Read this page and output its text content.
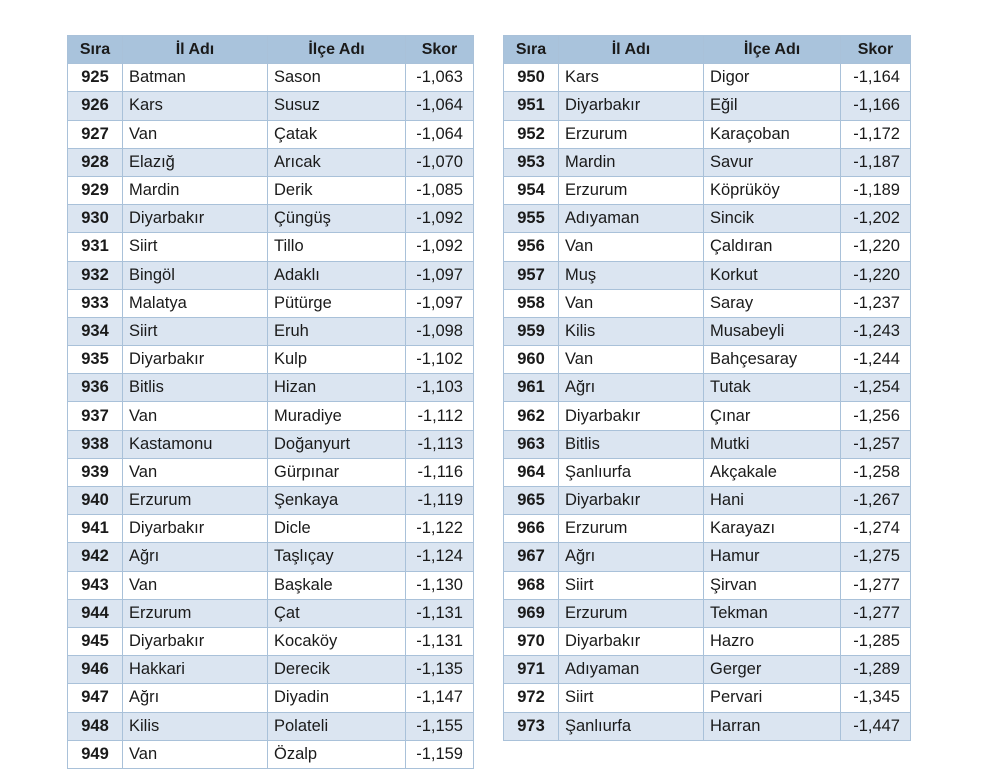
Sıra	İl Adı	İlçe Adı	Skor
925	Batman	Sason	-1,063
926	Kars	Susuz	-1,064
927	Van	Çatak	-1,064
928	Elazığ	Arıcak	-1,070
929	Mardin	Derik	-1,085
930	Diyarbakır	Çüngüş	-1,092
931	Siirt	Tillo	-1,092
932	Bingöl	Adaklı	-1,097
933	Malatya	Pütürge	-1,097
934	Siirt	Eruh	-1,098
935	Diyarbakır	Kulp	-1,102
936	Bitlis	Hizan	-1,103
937	Van	Muradiye	-1,112
938	Kastamonu	Doğanyurt	-1,113
939	Van	Gürpınar	-1,116
940	Erzurum	Şenkaya	-1,119
941	Diyarbakır	Dicle	-1,122
942	Ağrı	Taşlıçay	-1,124
943	Van	Başkale	-1,130
944	Erzurum	Çat	-1,131
945	Diyarbakır	Kocaköy	-1,131
946	Hakkari	Derecik	-1,135
947	Ağrı	Diyadin	-1,147
948	Kilis	Polateli	-1,155
949	Van	Özalp	-1,159
Sıra	İl Adı	İlçe Adı	Skor
950	Kars	Digor	-1,164
951	Diyarbakır	Eğil	-1,166
952	Erzurum	Karaçoban	-1,172
953	Mardin	Savur	-1,187
954	Erzurum	Köprüköy	-1,189
955	Adıyaman	Sincik	-1,202
956	Van	Çaldıran	-1,220
957	Muş	Korkut	-1,220
958	Van	Saray	-1,237
959	Kilis	Musabeyli	-1,243
960	Van	Bahçesaray	-1,244
961	Ağrı	Tutak	-1,254
962	Diyarbakır	Çınar	-1,256
963	Bitlis	Mutki	-1,257
964	Şanlıurfa	Akçakale	-1,258
965	Diyarbakır	Hani	-1,267
966	Erzurum	Karayazı	-1,274
967	Ağrı	Hamur	-1,275
968	Siirt	Şirvan	-1,277
969	Erzurum	Tekman	-1,277
970	Diyarbakır	Hazro	-1,285
971	Adıyaman	Gerger	-1,289
972	Siirt	Pervari	-1,345
973	Şanlıurfa	Harran	-1,447
